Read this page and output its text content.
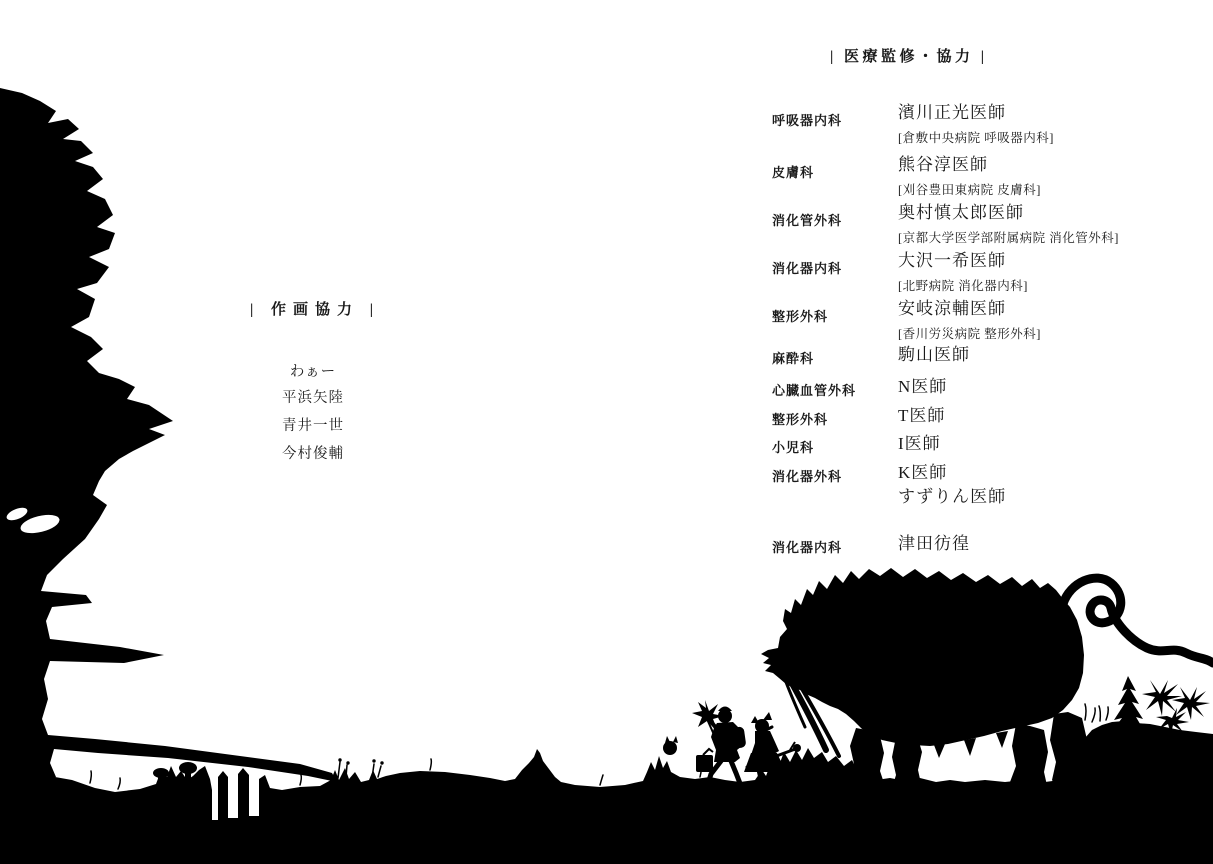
| 医療監修・協力 |
呼吸器内科	濱川正光医師
[倉敷中央病院 呼吸器内科]
皮膚科	熊谷淳医師
[刈谷豊田東病院 皮膚科]
消化管外科	奥村慎太郎医師
[京都大学医学部附属病院 消化管外科]
消化器内科	大沢一希医師
[北野病院 消化器内科]
整形外科	安岐涼輔医師
[香川労災病院 整形外科]
麻酔科	駒山医師
心臓血管外科	N医師
整形外科	T医師
小児科	I医師
消化器外科	K医師
すずりん医師
消化器内科	津田彷徨
| 作画協力 |
わぁー
平浜矢陸
青井一世
今村俊輔
